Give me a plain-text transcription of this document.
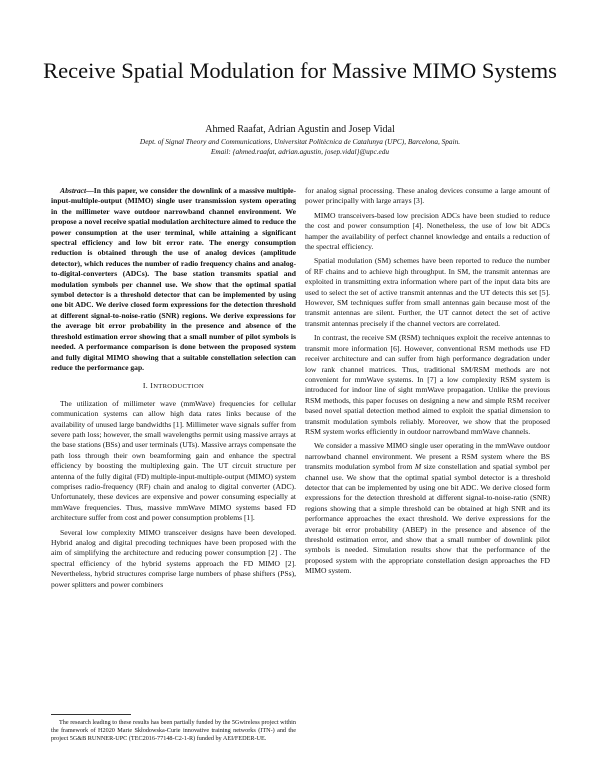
Receive Spatial Modulation for Massive MIMO Systems
Ahmed Raafat, Adrian Agustin and Josep Vidal
Dept. of Signal Theory and Communications, Universitat Politècnica de Catalunya (UPC), Barcelona, Spain.
Email: {ahmed.raafat, adrian.agustin, josep.vidal}@upc.edu

Abstract—In this paper, we consider the downlink of a massive multiple-input-multiple-output (MIMO) single user transmission system operating in the millimeter wave outdoor narrowband channel environment. We propose a novel receive spatial modulation architecture aimed to reduce the power consumption at the user terminal, while attaining a significant spectral efficiency and low bit error rate. The energy consumption reduction is obtained through the use of analog devices (amplitude detector), which reduces the number of radio frequency chains and analog-to-digital-converters (ADCs). The base station transmits spatial and modulation symbols per channel use. We show that the optimal spatial symbol detector is a threshold detector that can be implemented by using one bit ADC. We derive closed form expressions for the detection threshold at different signal-to-noise-ratio (SNR) regions. We derive expressions for the average bit error probability in the presence and absence of the threshold estimation error showing that a small number of pilot symbols is needed. A performance comparison is done between the proposed system and fully digital MIMO showing that a suitable constellation selection can reduce the performance gap.

I. INTRODUCTION

The utilization of millimeter wave (mmWave) frequencies for cellular communication systems can allow high data rates links because of the availability of unused large bandwidths [1]. Millimeter wave signals suffer from severe path loss; however, the small wavelengths permit using massive arrays at the base stations (BSs) and user terminals (UTs). Massive arrays compensate the path loss through their own beamforming gain and enhance the spectral efficiency by boosting the multiplexing gain. The UT circuit structure per antenna of the fully digital (FD) multiple-input-multiple-output (MIMO) system comprises radio-frequency (RF) chain and analog to digital converter (ADC). Unfortunately, these devices are expensive and power consuming especially at mmWave frequencies. Thus, massive mmWave MIMO systems based FD architecture suffer from cost and power consumption problems [1].

Several low complexity MIMO transceiver designs have been developed. Hybrid analog and digital precoding techniques have been proposed with the aim of simplifying the architecture and reducing power consumption [2] . The spectral efficiency of the hybrid systems approach the FD MIMO [2]. Nevertheless, hybrid structures comprise large numbers of phase shifters (PSs), power splitters and power combiners

for analog signal processing. These analog devices consume a large amount of power principally with large arrays [3].

MIMO transceivers-based low precision ADCs have been studied to reduce the cost and power consumption [4]. Nonetheless, the use of low bit ADCs hamper the availability of perfect channel knowledge and entails a reduction of the spectral efficiency.

Spatial modulation (SM) schemes have been reported to reduce the number of RF chains and to achieve high throughput. In SM, the transmit antennas are exploited in transmitting extra information where part of the input data bits are used to select the set of active transmit antennas and the UT detects this set [5]. However, SM techniques suffer from small antennas gain because most of the transmit antennas are silent. Further, the UT cannot detect the set of active transmit antennas precisely if the channel vectors are correlated.

In contrast, the receive SM (RSM) techniques exploit the receive antennas to transmit more information [6]. However, conventional RSM methods use FD receiver architecture and can suffer from high performance degradation under low rank channel matrices. Thus, traditional SM/RSM methods are not convenient for mmWave systems. In [7] a low complexity RSM system is introduced for indoor line of sight mmWave propagation. Unlike the previous RSM methods, this paper focuses on designing a new and simple RSM receiver based novel spatial detection method aimed to exploit the spatial dimension to transmit modulation symbols reliably. Moreover, we show that the proposed RSM system works efficiently in outdoor narrowband mmWave channels.

We consider a massive MIMO single user operating in the mmWave outdoor narrowband channel environment. We present a RSM system where the BS transmits modulation symbol from M size constellation and spatial symbol per channel use. We show that the optimal spatial symbol detector is a threshold detector that can be implemented by using one bit ADC. We derive closed form expressions for the detection threshold at different signal-to-noise-ratio (SNR) regions showing that a simple threshold can be obtained at high SNR and its performance approaches the exact threshold. We derive expressions for the average bit error probability (ABEP) in the presence and absence of the threshold estimation error, and show that a small number of downlink pilot symbols is needed. Simulation results show that the performance of the proposed system with the appropriate constellation design approaches the FD MIMO system.

The research leading to these results has been partially funded by the 5Gwireless project within the framework of H2020 Marie Skłodowska-Curie innovative training networks (ITN-) and the project 5G&B RUNNER-UPC (TEC2016-77148-C2-1-R) funded by AEI/FEDER-UE.
